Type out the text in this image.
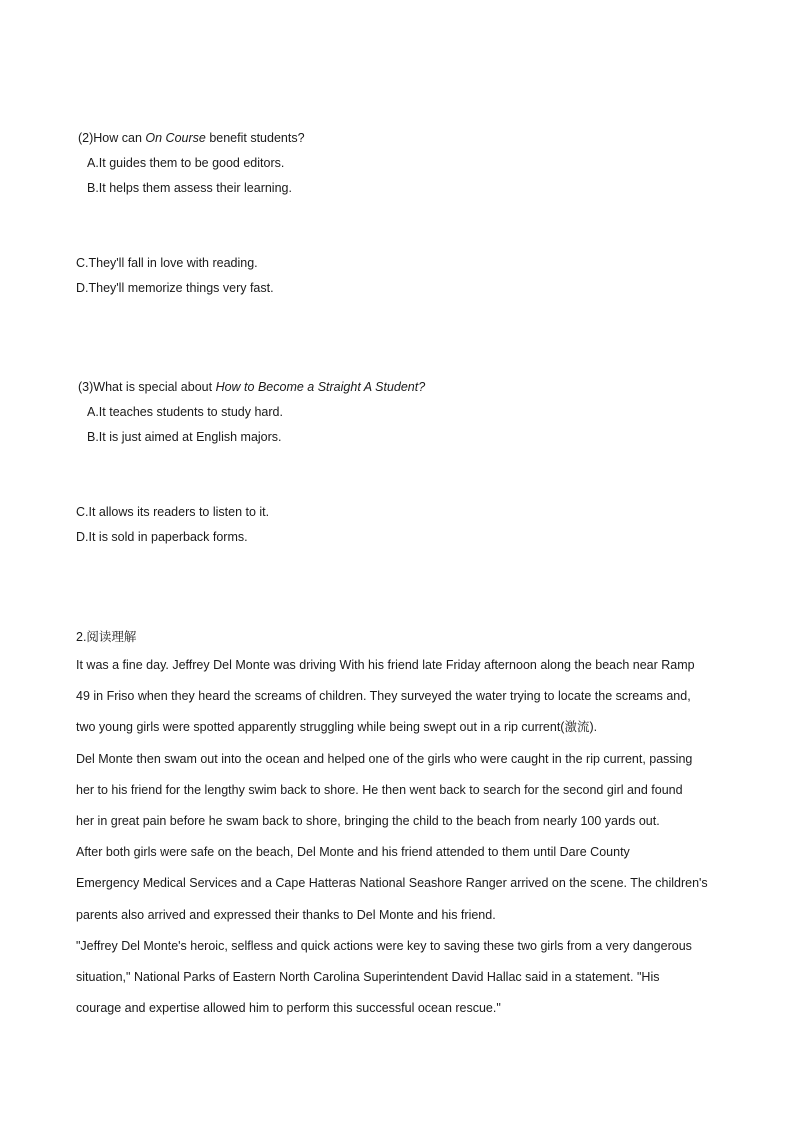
(2)How can On Course benefit students?
A.It guides them to be good editors.
B.It helps them assess their learning.
C.They'll fall in love with reading.
D.They'll memorize things very fast.
(3)What is special about How to Become a Straight A Student?
A.It teaches students to study hard.
B.It is just aimed at English majors.
C.It allows its readers to listen to it.
D.It is sold in paperback forms.
2.阅读理解
It was a fine day. Jeffrey Del Monte was driving With his friend late Friday afternoon along the beach near Ramp
49 in Friso when they heard the screams of children. They surveyed the water trying to locate the screams and,
two young girls were spotted apparently struggling while being swept out in a rip current(激流).
Del Monte then swam out into the ocean and helped one of the girls who were caught in the rip current, passing
her to his friend for the lengthy swim back to shore. He then went back to search for the second girl and found
her in great pain before he swam back to shore, bringing the child to the beach from nearly 100 yards out.
After both girls were safe on the beach, Del Monte and his friend attended to them until Dare County
Emergency Medical Services and a Cape Hatteras National Seashore Ranger arrived on the scene. The children's
parents also arrived and expressed their thanks to Del Monte and his friend.
"Jeffrey Del Monte's heroic, selfless and quick actions were key to saving these two girls from a very dangerous
situation," National Parks of Eastern North Carolina Superintendent David Hallac said in a statement. "His
courage and expertise allowed him to perform this successful ocean rescue."
